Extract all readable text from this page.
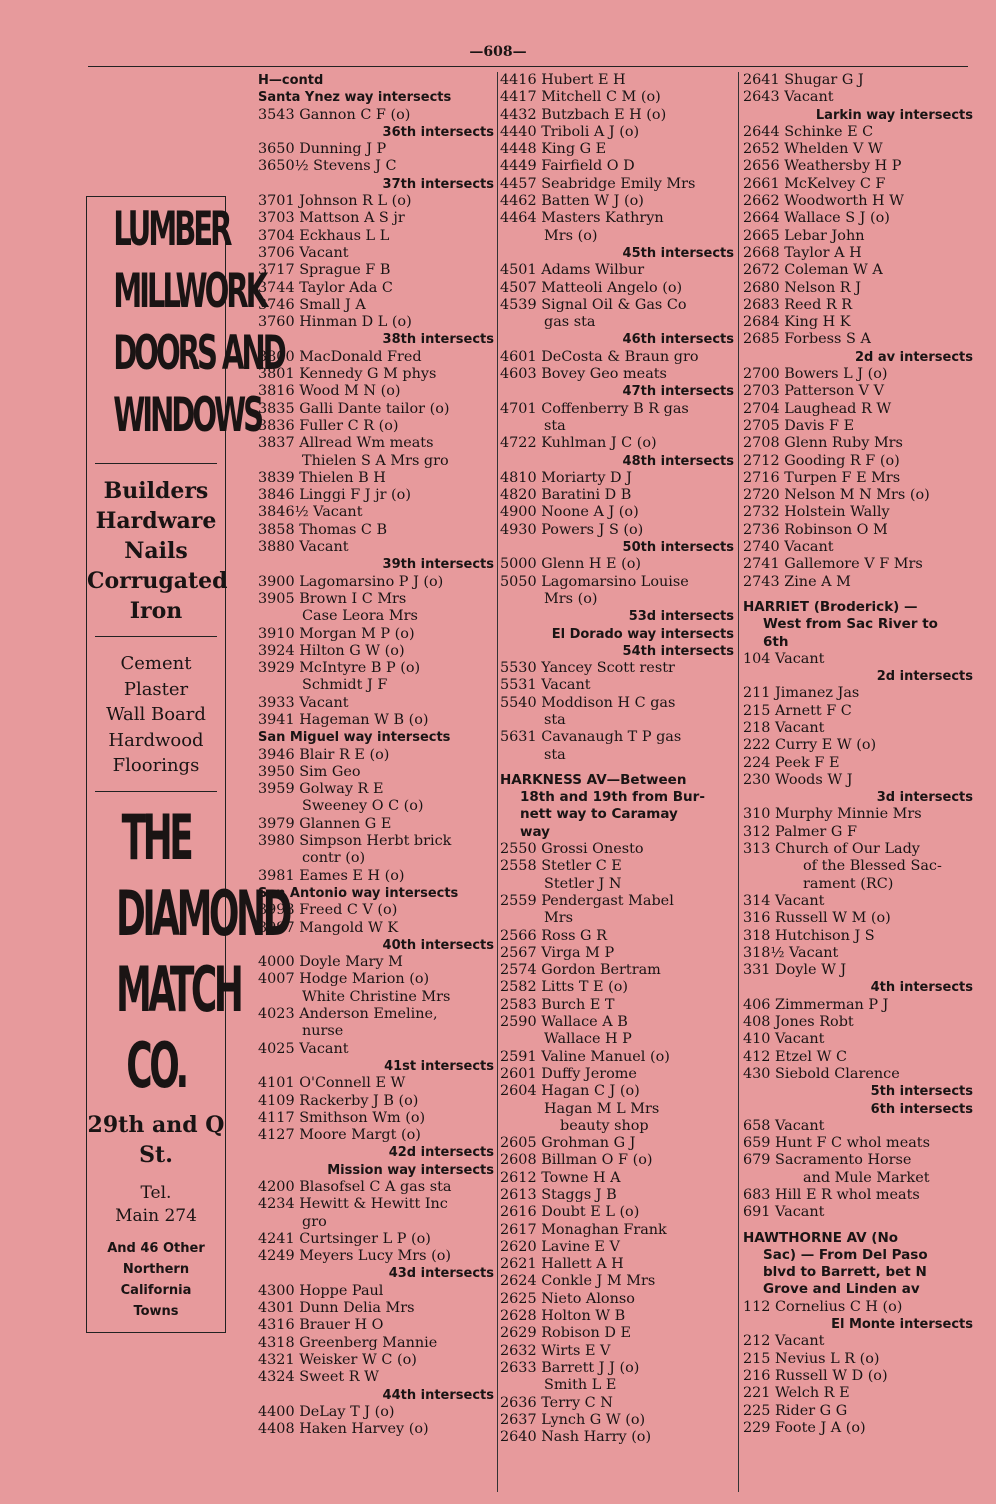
—608—
LUMBER
MILLWORK
DOORS AND
WINDOWS
Builders
Hardware
Nails
Corrugated
Iron
Cement
Plaster
Wall Board
Hardwood
Floorings
THE
DIAMOND
MATCH
CO.
29th and Q
St.
Tel.
Main 274
And 46 Other
Northern
California
Towns
H—contd
Santa Ynez way intersects
3543 Gannon C F (o)
36th intersects
3650 Dunning J P
3650½ Stevens J C
37th intersects
3701 Johnson R L (o)
3703 Mattson A S jr
3704 Eckhaus L L
3706 Vacant
3717 Sprague F B
3744 Taylor Ada C
3746 Small J A
3760 Hinman D L (o)
38th intersects
3800 MacDonald Fred
3801 Kennedy G M phys
3816 Wood M N (o)
3835 Galli Dante tailor (o)
3836 Fuller C R (o)
3837 Allread Wm meats
Thielen S A Mrs gro
3839 Thielen B H
3846 Linggi F J jr (o)
3846½ Vacant
3858 Thomas C B
3880 Vacant
39th intersects
3900 Lagomarsino P J (o)
3905 Brown I C Mrs
Case Leora Mrs
3910 Morgan M P (o)
3924 Hilton G W (o)
3929 McIntyre B P (o)
Schmidt J F
3933 Vacant
3941 Hageman W B (o)
San Miguel way intersects
3946 Blair R E (o)
3950 Sim Geo
3959 Golway R E
Sweeney O C (o)
3979 Glannen G E
3980 Simpson Herbt brick
contr (o)
3981 Eames E H (o)
San Antonio way intersects
3993 Freed C V (o)
3997 Mangold W K
40th intersects
4000 Doyle Mary M
4007 Hodge Marion (o)
White Christine Mrs
4023 Anderson Emeline,
nurse
4025 Vacant
41st intersects
4101 O'Connell E W
4109 Rackerby J B (o)
4117 Smithson Wm (o)
4127 Moore Margt (o)
42d intersects
Mission way intersects
4200 Blasofsel C A gas sta
4234 Hewitt & Hewitt Inc
gro
4241 Curtsinger L P (o)
4249 Meyers Lucy Mrs (o)
43d intersects
4300 Hoppe Paul
4301 Dunn Delia Mrs
4316 Brauer H O
4318 Greenberg Mannie
4321 Weisker W C (o)
4324 Sweet R W
44th intersects
4400 DeLay T J (o)
4408 Haken Harvey (o)
4416 Hubert E H
4417 Mitchell C M (o)
4432 Butzbach E H (o)
4440 Triboli A J (o)
4448 King G E
4449 Fairfield O D
4457 Seabridge Emily Mrs
4462 Batten W J (o)
4464 Masters Kathryn
Mrs (o)
45th intersects
4501 Adams Wilbur
4507 Matteoli Angelo (o)
4539 Signal Oil & Gas Co
gas sta
46th intersects
4601 DeCosta & Braun gro
4603 Bovey Geo meats
47th intersects
4701 Coffenberry B R gas
sta
4722 Kuhlman J C (o)
48th intersects
4810 Moriarty D J
4820 Baratini D B
4900 Noone A J (o)
4930 Powers J S (o)
50th intersects
5000 Glenn H E (o)
5050 Lagomarsino Louise
Mrs (o)
53d intersects
El Dorado way intersects
54th intersects
5530 Yancey Scott restr
5531 Vacant
5540 Moddison H C gas
sta
5631 Cavanaugh T P gas
sta
HARKNESS AV—Between
18th and 19th from Bur-
nett way to Caramay
way
2550 Grossi Onesto
2558 Stetler C E
Stetler J N
2559 Pendergast Mabel
Mrs
2566 Ross G R
2567 Virga M P
2574 Gordon Bertram
2582 Litts T E (o)
2583 Burch E T
2590 Wallace A B
Wallace H P
2591 Valine Manuel (o)
2601 Duffy Jerome
2604 Hagan C J (o)
Hagan M L Mrs
beauty shop
2605 Grohman G J
2608 Billman O F (o)
2612 Towne H A
2613 Staggs J B
2616 Doubt E L (o)
2617 Monaghan Frank
2620 Lavine E V
2621 Hallett A H
2624 Conkle J M Mrs
2625 Nieto Alonso
2628 Holton W B
2629 Robison D E
2632 Wirts E V
2633 Barrett J J (o)
Smith L E
2636 Terry C N
2637 Lynch G W (o)
2640 Nash Harry (o)
2641 Shugar G J
2643 Vacant
Larkin way intersects
2644 Schinke E C
2652 Whelden V W
2656 Weathersby H P
2661 McKelvey C F
2662 Woodworth H W
2664 Wallace S J (o)
2665 Lebar John
2668 Taylor A H
2672 Coleman W A
2680 Nelson R J
2683 Reed R R
2684 King H K
2685 Forbess S A
2d av intersects
2700 Bowers L J (o)
2703 Patterson V V
2704 Laughead R W
2705 Davis F E
2708 Glenn Ruby Mrs
2712 Gooding R F (o)
2716 Turpen F E Mrs
2720 Nelson M N Mrs (o)
2732 Holstein Wally
2736 Robinson O M
2740 Vacant
2741 Gallemore V F Mrs
2743 Zine A M
HARRIET (Broderick) —
West from Sac River to
6th
104 Vacant
2d intersects
211 Jimanez Jas
215 Arnett F C
218 Vacant
222 Curry E W (o)
224 Peek F E
230 Woods W J
3d intersects
310 Murphy Minnie Mrs
312 Palmer G F
313 Church of Our Lady
of the Blessed Sac-
rament (RC)
314 Vacant
316 Russell W M (o)
318 Hutchison J S
318½ Vacant
331 Doyle W J
4th intersects
406 Zimmerman P J
408 Jones Robt
410 Vacant
412 Etzel W C
430 Siebold Clarence
5th intersects
6th intersects
658 Vacant
659 Hunt F C whol meats
679 Sacramento Horse
and Mule Market
683 Hill E R whol meats
691 Vacant
HAWTHORNE AV (No
Sac) — From Del Paso
blvd to Barrett, bet N
Grove and Linden av
112 Cornelius C H (o)
El Monte intersects
212 Vacant
215 Nevius L R (o)
216 Russell W D (o)
221 Welch R E
225 Rider G G
229 Foote J A (o)
